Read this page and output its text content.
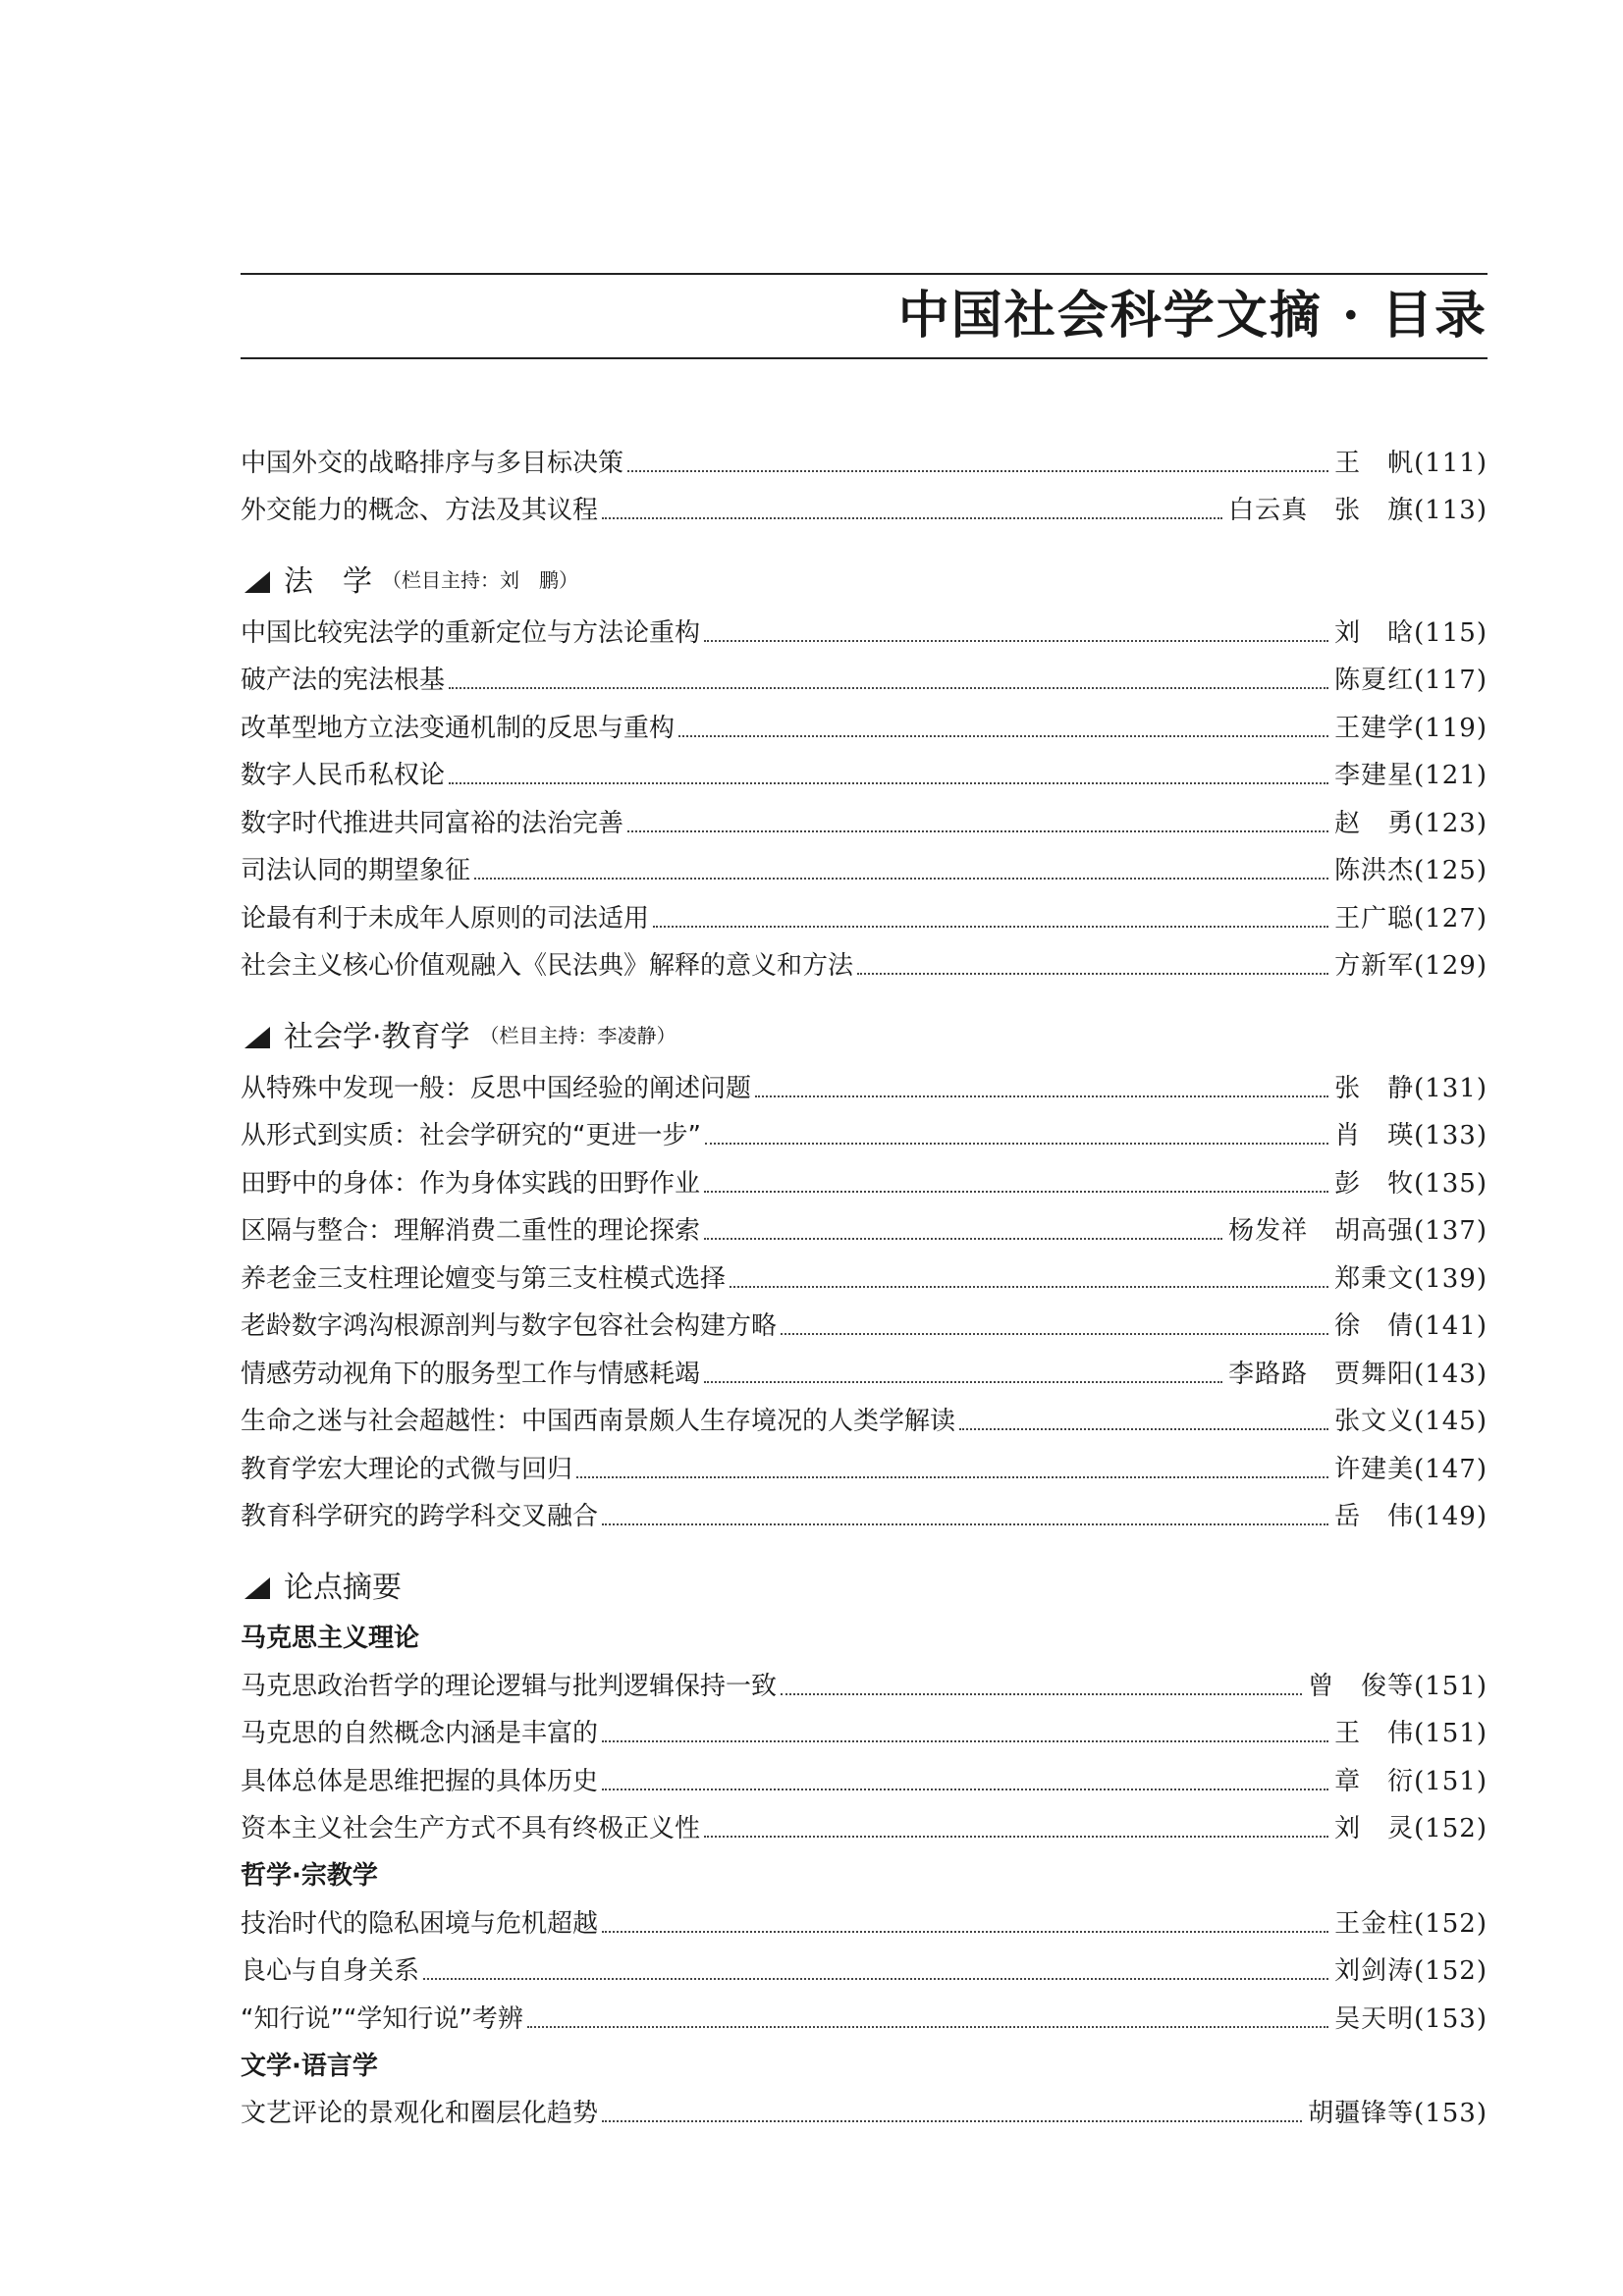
中国社会科学文摘 · 目录
中国外交的战略排序与多目标决策	王　帆(111)
外交能力的概念、方法及其议程	白云真　张　旗(113)
法　学 （栏目主持：刘　鹏）
中国比较宪法学的重新定位与方法论重构	刘　晗(115)
破产法的宪法根基	陈夏红(117)
改革型地方立法变通机制的反思与重构	王建学(119)
数字人民币私权论	李建星(121)
数字时代推进共同富裕的法治完善	赵　勇(123)
司法认同的期望象征	陈洪杰(125)
论最有利于未成年人原则的司法适用	王广聪(127)
社会主义核心价值观融入《民法典》解释的意义和方法	方新军(129)
社会学·教育学 （栏目主持：李凌静）
从特殊中发现一般：反思中国经验的阐述问题	张　静(131)
从形式到实质：社会学研究的“更进一步”	肖　瑛(133)
田野中的身体：作为身体实践的田野作业	彭　牧(135)
区隔与整合：理解消费二重性的理论探索	杨发祥　胡高强(137)
养老金三支柱理论嬗变与第三支柱模式选择	郑秉文(139)
老龄数字鸿沟根源剖判与数字包容社会构建方略	徐　倩(141)
情感劳动视角下的服务型工作与情感耗竭	李路路　贾舞阳(143)
生命之迷与社会超越性：中国西南景颇人生存境况的人类学解读	张文义(145)
教育学宏大理论的式微与回归	许建美(147)
教育科学研究的跨学科交叉融合	岳　伟(149)
论点摘要
马克思主义理论
马克思政治哲学的理论逻辑与批判逻辑保持一致	曾　俊等(151)
马克思的自然概念内涵是丰富的	王　伟(151)
具体总体是思维把握的具体历史	章　衍(151)
资本主义社会生产方式不具有终极正义性	刘　灵(152)
哲学·宗教学
技治时代的隐私困境与危机超越	王金柱(152)
良心与自身关系	刘剑涛(152)
“知行说”“学知行说”考辨	吴天明(153)
文学·语言学
文艺评论的景观化和圈层化趋势	胡疆锋等(153)
